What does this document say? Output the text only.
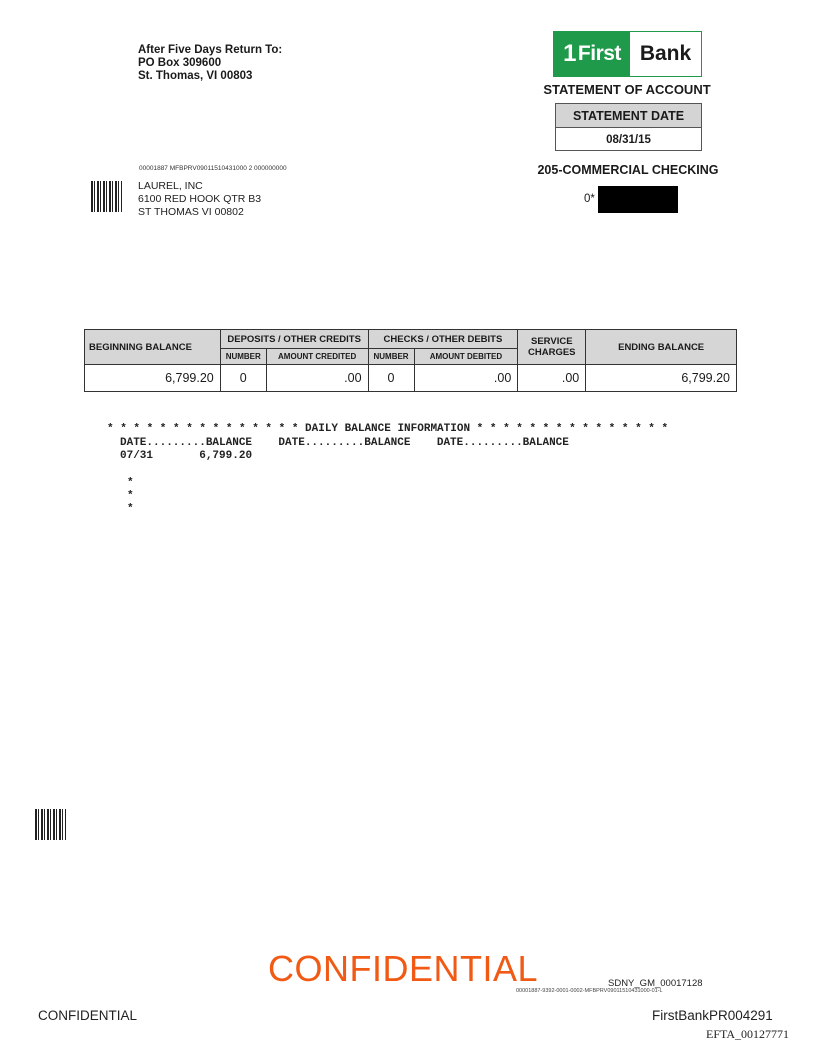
After Five Days Return To:
PO Box 309600
St. Thomas, VI 00803
1 First Bank
STATEMENT OF ACCOUNT
STATEMENT DATE
08/31/15
205-COMMERCIAL CHECKING
0*
00001887 MFBPRV09011510431000 2 000000000
LAUREL, INC
6100 RED HOOK QTR B3
ST THOMAS VI 00802
BEGINNING BALANCE	DEPOSITS / OTHER CREDITS		CHECKS / OTHER DEBITS		SERVICE CHARGES	ENDING BALANCE
	NUMBER	AMOUNT CREDITED	NUMBER	AMOUNT DEBITED		
6,799.20	0	.00	0	.00	.00	6,799.20
* * * * * * * * * * * * * * * DAILY BALANCE INFORMATION * * * * * * * * * * * * * * *
DATE.........BALANCE    DATE.........BALANCE    DATE.........BALANCE
07/31	6,799.20
*
*
*
CONFIDENTIAL	SDNY_GM_00017128
00001887-9392-0001-0002-MFBPRV09011510431000-01-L
CONFIDENTIAL	FirstBankPR004291
EFTA_00127771
